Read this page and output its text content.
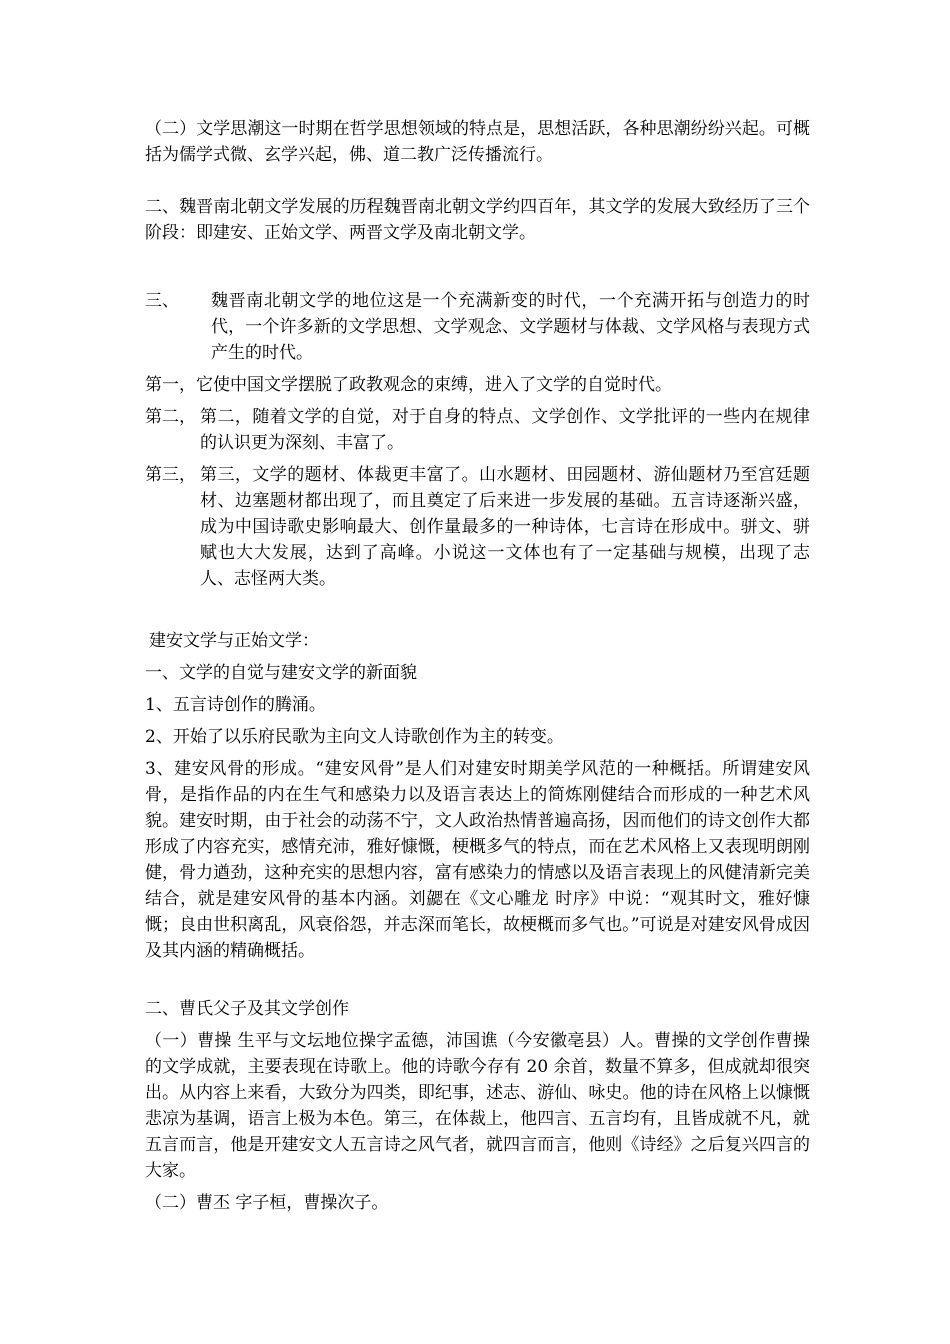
（二）文学思潮这一时期在哲学思想领域的特点是，思想活跃，各种思潮纷纷兴起。可概括为儒学式微、玄学兴起，佛、道二教广泛传播流行。

二、魏晋南北朝文学发展的历程魏晋南北朝文学约四百年，其文学的发展大致经历了三个阶段：即建安、正始文学、两晋文学及南北朝文学。

三、	魏晋南北朝文学的地位这是一个充满新变的时代，一个充满开拓与创造力的时代，一个许多新的文学思想、文学观念、文学题材与体裁、文学风格与表现方式产生的时代。

第一，它使中国文学摆脱了政教观念的束缚，进入了文学的自觉时代。

第二， 第二，随着文学的自觉，对于自身的特点、文学创作、文学批评的一些内在规律的认识更为深刻、丰富了。
第三， 第三，文学的题材、体裁更丰富了。山水题材、田园题材、游仙题材乃至宫廷题材、边塞题材都出现了，而且奠定了后来进一步发展的基础。五言诗逐渐兴盛，成为中国诗歌史影响最大、创作量最多的一种诗体，七言诗在形成中。骈文、骈赋也大大发展，达到了高峰。小说这一文体也有了一定基础与规模，出现了志人、志怪两大类。

建安文学与正始文学：

一、文学的自觉与建安文学的新面貌

1、五言诗创作的腾涌。

2、开始了以乐府民歌为主向文人诗歌创作为主的转变。

3、建安风骨的形成。“建安风骨”是人们对建安时期美学风范的一种概括。所谓建安风骨，是指作品的内在生气和感染力以及语言表达上的简炼刚健结合而形成的一种艺术风貌。建安时期，由于社会的动荡不宁，文人政治热情普遍高扬，因而他们的诗文创作大都形成了内容充实，感情充沛，雅好慷慨，梗概多气的特点，而在艺术风格上又表现明朗刚健，骨力遒劲，这种充实的思想内容，富有感染力的情感以及语言表现上的风健清新完美结合，就是建安风骨的基本内涵。刘勰在《文心雕龙 时序》中说：“观其时文，雅好慷慨；良由世积离乱，风衰俗怨，并志深而笔长，故梗概而多气也。”可说是对建安风骨成因及其内涵的精确概括。

二、曹氏父子及其文学创作

（一）曹操 生平与文坛地位操字孟德，沛国谯（今安徽亳县）人。曹操的文学创作曹操的文学成就，主要表现在诗歌上。他的诗歌今存有 20 余首，数量不算多，但成就却很突出。从内容上来看，大致分为四类，即纪事，述志、游仙、咏史。他的诗在风格上以慷慨悲凉为基调，语言上极为本色。第三，在体裁上，他四言、五言均有，且皆成就不凡，就五言而言，他是开建安文人五言诗之风气者，就四言而言，他则《诗经》之后复兴四言的大家。

（二）曹丕 字子桓，曹操次子。
